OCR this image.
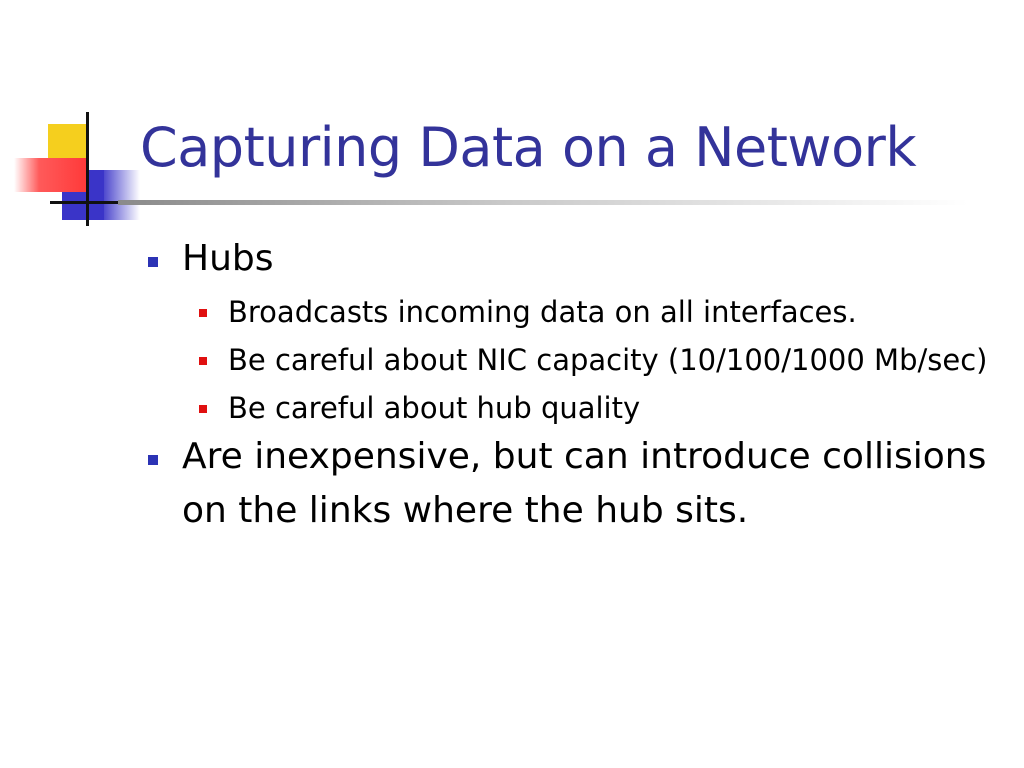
Capturing Data on a Network
Hubs
Broadcasts incoming data on all interfaces.
Be careful about NIC capacity (10/100/1000 Mb/sec)
Be careful about hub quality
Are inexpensive, but can introduce collisions on the links where the hub sits.
